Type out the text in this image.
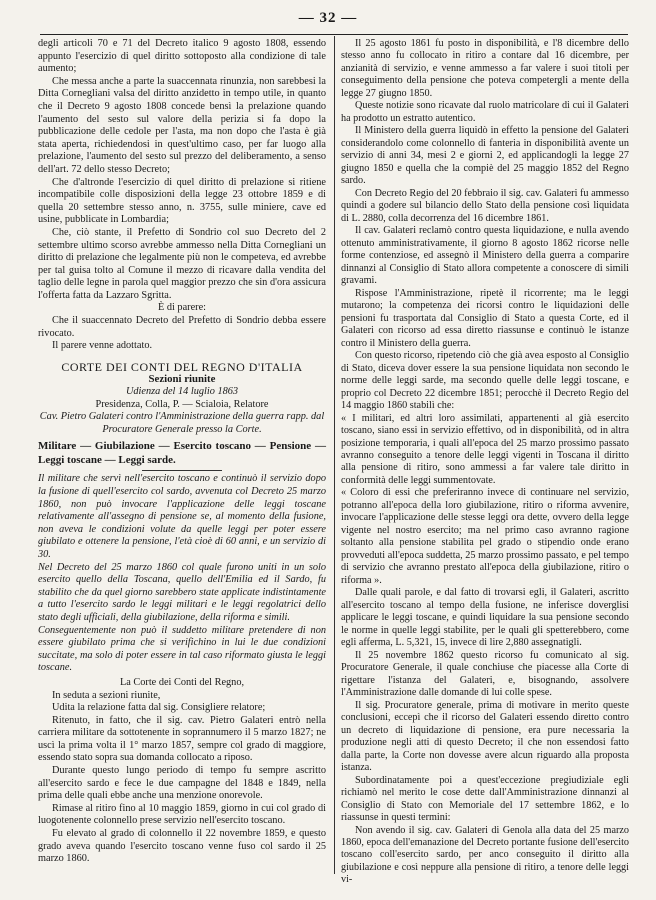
— 32 —

degli articoli 70 e 71 del Decreto italico 9 agosto 1808, essendo appunto l'esercizio di quel diritto sottoposto alla condizione di tale aumento;

Che messa anche a parte la suaccennata rinunzia, non sarebbesi la Ditta Cornegliani valsa del diritto anzidetto in tempo utile, in quanto che il Decreto 9 agosto 1808 concede bensì la prelazione quando l'aumento del sesto sul valore della perizia si fa dopo la pubblicazione delle cedole per l'asta, ma non dopo che l'asta è già stata aperta, richiedendosi in quest'ultimo caso, per far luogo alla prelazione, l'aumento del sesto sul prezzo del deliberamento, a senso dell'art. 72 dello stesso Decreto;

Che d'altronde l'esercizio di quel diritto di prelazione si ritiene incompatibile colle disposizioni della legge 23 ottobre 1859 e di quella 20 settembre stesso anno, n. 3755, sulle miniere, cave ed usine, pubblicate in Lombardia;

Che, ciò stante, il Prefetto di Sondrio col suo Decreto del 2 settembre ultimo scorso avrebbe ammesso nella Ditta Cornegliani un diritto di prelazione che legalmente più non le competeva, ed avrebbe per tal guisa tolto al Comune il mezzo di ricavare dalla vendita del taglio delle legne in parola quel maggior prezzo che sin d'ora assicura l'offerta fatta da Lazzaro Sgritta.

È di parere:

Che il suaccennato Decreto del Prefetto di Sondrio debba essere rivocato.

Il parere venne adottato.

CORTE DEI CONTI DEL REGNO D'ITALIA

Sezioni riunite

Udienza del 14 luglio 1863

Presidenza, Colla, P. — Scialoia, Relatore

Cav. Pietro Galateri contro l'Amministrazione della guerra rapp. dal Procuratore Generale presso la Corte.

Militare — Giubilazione — Esercito toscano — Pensione — Leggi toscane — Leggi sarde.

Il militare che servì nell'esercito toscano e continuò il servizio dopo la fusione di quell'esercito col sardo, avvenuta col Decreto 25 marzo 1860, non può invocare l'applicazione delle leggi toscane relativamente all'assegno di pensione se, al momento della fusione, non aveva le condizioni volute da quelle leggi per poter essere giubilato e ottenere la pensione, l'età cioè di 60 anni, e un servizio di 30.

Nel Decreto del 25 marzo 1860 col quale furono uniti in un solo esercito quello della Toscana, quello dell'Emilia ed il Sardo, fu stabilito che da quel giorno sarebbero state applicate indistintamente a tutto l'esercito sardo le leggi militari e le leggi regolatrici dello stato degli ufficiali, della giubilazione, della riforma e simili.

Conseguentemente non può il suddetto militare pretendere di non essere giubilato prima che si verifichino in lui le due condizioni succitate, ma solo di poter essere in tal caso riformato giusta le leggi toscane.

La Corte dei Conti del Regno,

In seduta a sezioni riunite,

Udita la relazione fatta dal sig. Consigliere relatore;

Ritenuto, in fatto, che il sig. cav. Pietro Galateri entrò nella carriera militare da sottotenente in soprannumero il 5 marzo 1827; ne uscì la prima volta il 1° marzo 1857, sempre col grado di maggiore, essendo stato sopra sua domanda collocato a riposo.

Durante questo lungo periodo di tempo fu sempre ascritto all'esercito sardo e fece le due campagne del 1848 e 1849, nella prima delle quali ebbe anche una menzione onorevole.

Rimase al ritiro fino al 10 maggio 1859, giorno in cui col grado di luogotenente colonnello prese servizio nell'esercito toscano.

Fu elevato al grado di colonnello il 22 novembre 1859, e questo grado aveva quando l'esercito toscano venne fuso col sardo il 25 marzo 1860.

Il 25 agosto 1861 fu posto in disponibilità, e l'8 dicembre dello stesso anno fu collocato in ritiro a contare dal 16 dicembre, per anzianità di servizio, e venne ammesso a far valere i suoi titoli per conseguimento della pensione che poteva competergli a mente della legge 27 giugno 1850.

Queste notizie sono ricavate dal ruolo matricolare di cui il Galateri ha prodotto un estratto autentico.

Il Ministero della guerra liquidò in effetto la pensione del Galateri considerandolo come colonnello di fanteria in disponibilità avente un servizio di anni 34, mesi 2 e giorni 2, ed applicandogli la legge 27 giugno 1850 e quella che la compiè del 25 maggio 1852 del Regno sardo.

Con Decreto Regio del 20 febbraio il sig. cav. Galateri fu ammesso quindi a godere sul bilancio dello Stato della pensione così liquidata di L. 2880, colla decorrenza del 16 dicembre 1861.

Il cav. Galateri reclamò contro questa liquidazione, e nulla avendo ottenuto amministrativamente, il giorno 8 agosto 1862 ricorse nelle forme contenziose, ed assegnò il Ministero della guerra a comparire dinnanzi al Consiglio di Stato allora competente a conoscere di simili gravami.

Rispose l'Amministrazione, ripetè il ricorrente; ma le leggi mutarono; la competenza dei ricorsi contro le liquidazioni delle pensioni fu trasportata dal Consiglio di Stato a questa Corte, ed il Galateri con ricorso ad essa diretto riassunse e continuò le istanze contro il Ministero della guerra.

Con questo ricorso, ripetendo ciò che già avea esposto al Consiglio di Stato, diceva dover essere la sua pensione liquidata non secondo le norme delle leggi sarde, ma secondo quelle delle leggi toscane, e proprio col Decreto 22 dicembre 1851; perocchè il Decreto Regio del 14 maggio 1860 stabilì che:

« I militari, ed altri loro assimilati, appartenenti al già esercito toscano, siano essi in servizio effettivo, od in disponibilità, od in altra posizione temporaria, i quali all'epoca del 25 marzo prossimo passato avranno conseguito a tenore delle leggi vigenti in Toscana il diritto alla pensione di ritiro, sono ammessi a far valere tale diritto in conformità delle leggi summentovate.

« Coloro di essi che preferiranno invece di continuare nel servizio, potranno all'epoca della loro giubilazione, ritiro o riforma avvenire, invocare l'applicazione delle stesse leggi ora dette, ovvero della legge vigente nel nostro esercito; ma nel primo caso avranno ragione soltanto alla pensione stabilita pel grado o stipendio onde erano provveduti all'epoca suddetta, 25 marzo prossimo passato, e pel tempo di servizio che avranno prestato all'epoca della giubilazione, ritiro o riforma ».

Dalle quali parole, e dal fatto di trovarsi egli, il Galateri, ascritto all'esercito toscano al tempo della fusione, ne inferisce doverglisi applicare le leggi toscane, e quindi liquidare la sua pensione secondo le norme in quelle leggi stabilite, per le quali gli spetterebbero, come egli afferma, L. 5,321, 15, invece di lire 2,880 assegnatigli.

Il 25 novembre 1862 questo ricorso fu comunicato al sig. Procuratore Generale, il quale conchiuse che piacesse alla Corte di rigettare l'istanza del Galateri, e, bisognando, assolvere l'Amministrazione dalle domande di lui colle spese.

Il sig. Procuratore generale, prima di motivare in merito queste conclusioni, eccepì che il ricorso del Galateri essendo diretto contro un decreto di liquidazione di pensione, era pure necessaria la produzione negli atti di questo Decreto; il che non essendosi fatto dalla parte, la Corte non dovesse avere alcun riguardo alla proposta istanza.

Subordinatamente poi a quest'eccezione pregiudiziale egli richiamò nel merito le cose dette dall'Amministrazione dinnanzi al Consiglio di Stato con Memoriale del 17 settembre 1862, e lo riassunse in questi termini:

Non avendo il sig. cav. Galateri di Genola alla data del 25 marzo 1860, epoca dell'emanazione del Decreto portante fusione dell'esercito toscano coll'esercito sardo, per anco conseguito il diritto alla giubilazione e così neppure alla pensione di ritiro, a tenore delle leggi vi-
